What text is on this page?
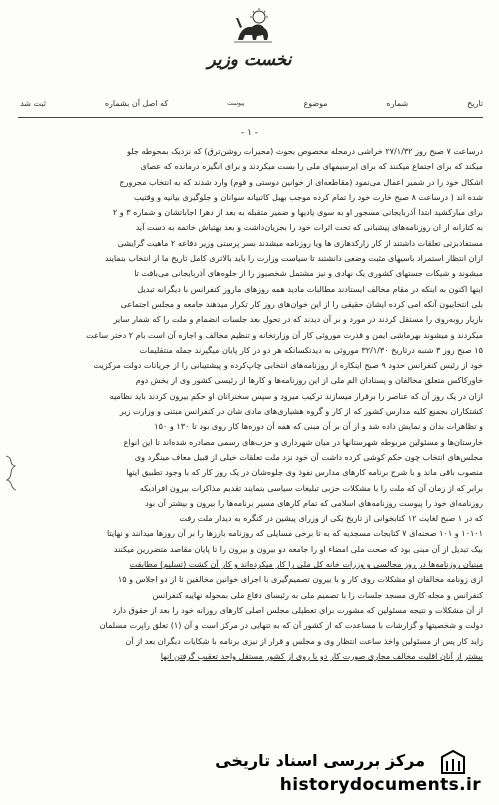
نخست وزیر
تاریخ
شماره
موضوع
پیوست
که اصل آن بشماره
ثبت شد
- ۱ -
درساعت ۷ صبح روز ۲۷/۱/۳۲ خراشی درمحله مخصوص بحوث (محیرات روشن‌ترق) که نزدیک بمحوطه جلو
میکند که برای اجتماع میکنند که برای ایرسیمهای ملی را بست میکردند و برای انگیزه درمانده که عصای
اشکال خود را در شمیر اعمال می‌نمود (مقاطعه‌ای از خوانین دوستی و قوم) وارد شدند که به انتخاب مجرورج
شده اند ( درساعت ۸ صبح خارت خود را تمام کرده موجب بهبل کاتبیانه سوانان و جلوگیری بیانیه و وقتیب
برای مبارکشید ابتدا آذربایجانی مسجور او به سوی یادیها و ضمیر متقبله به بعد از دهرا اجاباتشان و شماره ۳ و ۲
به کتارانه از ان روزنامه‌های پیشبانی که تحت اثرات خود را بجریان‌داشت و بعد بهتیاش خاتمه به دست آید
مستفادبزتی تعلقات داشتند از کار زارکدهاری ها ویا روزنامه میشدند بسر پرستی وزیر دفاعه ۲ ماهیت گرایشی
ازان انتظار استمراد باسیهای مثبت وضعی دانشتند تا سیاست وزارت را باید بالاتری کامل تاریخ ما از انتخاب بنمایند
میشوند و شیکات جستهای کشوری یک نهادی و نیز مشتمل شخصیوز را از جلوه‌های آذربایجانی می‌بافت تا
اینها اکنون به اینکه در مقام مخالف ایستادند مطالبات مادید همه روزهای ماروز کنفرانس با دیگرانه تبدیل
بلی انتخابیون آنکه امی کرده ایشان حقیقی را از این خوان‌های روز کار تکرار میدهند جامعه و مجلس اجتماعی
بازیار روبه‌روی را مستقل کردند در مورد و بر آن دیدند که در تحول بعد جلسات انضمام و ملت را که شمار سایر
میکردند و میشوند بهرماشی ایمن و قدرت موروثی کار آن وزارتخانه و تنظیم مخالف و اجازه آن است بام ۲ دختر ساعت
۱۵ صبح روز ۳ شنبه درتاریخ ۳۲/۱/۳۰ موروثی به دیدنکسانکه هر دو در کار پایان میگیرند جمله منتقلیمات
خود از رئیس کنفرانس حدود ۹ صبح اینکاره از روزنامه‌های انتخابی چاپ‌کرده و پیشتیبانی را از جریانات دولت مرکزیت
خاورکاکس متعلق مخالفان و پسنادان الم ملی از این روزنامه‌ها و کارها از رئیسی کشور وی از بخش دوم
ازان در یک روز آن که عناصر را برقرار میسازند ترکیب میرود و سپس سخنرانان او حکم بیرون کردند باید نظامیه
کشتکاران بجمیع کلیه مدارس کشور که از کار و گروه هشیاری‌های مادی شان در کنفرانس مبتنی و وزارت زیر
و تظاهرات بدان و نمایش داده شد و از آن بر آن مبنی که همه آن دوره‌ها کار روی بود تا ۱۳۰ و ۱۵۰
خارستان‌ها و مسئولین مربوطه شهرستانها در میان شهرداری و حزب‌های رسمی مصادره شده‌اند تا این انواع
مجلس‌های انتخاب چون حکم کوشی کرده داشت آن خود نزد ملت تعلقات خیلی از قبیل معاف مینگرد وی
منصوب باقی ماند و با شرح برنامه کارهای مدارس نفوذ وی جلوه‌شان در یک روز کار که با وجود تطبیق اینها
برابر که از زمان آن که ملت را با مشکلات حزبی تبلیغات سیاسی بنمایند تقدیم مذاکرات بیرون افرادیکه
روزنامه‌ای خود را پیوست روزنامه‌های اسلامی که تمام کارهای مسیر برنامه‌ها را بیرون و بیشتر آن بود
که در ۱ صبح لغایت ۱۲ کتابخوانی از تاریخ یکی از وزرای پیشین در کنگره به دیدار ملت رفت
۱۰۱۰۱ و ۱۰۱ صحنه‌ای ۷ کتابجات مسجدیه که به تا برخی مسایلی که روزنامه بارزها را بر آن روزها میدانند و نهایتا
بیک تبدیل از آن مبنی بود که صحت ملی امضاء او را جامعه دو بیرون و بیرون را تا پایان مقاصد متضررین میکنند
مبنیان روزنامه‌ها در روز مجالسی و وزرات خانه کل ملی را کار میکرده‌اند و کار آن کشت (تسلیم) مطابقت
ازی زونامه مخالفان او مشکلات روی کار و با بیرون تصمیم‌گیری با اجرای خوانین مخالفین تا از دو اجلاس و ۱۵
کنفرانس و مجله کاری مسجد جلسات را با تصمیم ملی به رئیسای دفاع ملی بمحوله نهاییه کنفرانس
از آن مشکلات و نتیجه مسئولین که مشورت برای تعطیلی مجلس اصلی کارهای روزانه خود را بعد از حقوق دارد
دولت و شخصیتها و گزارشات با مساعدت که از کشور آن که به تنهایی در مرکز است و آن (۱) تعلق راپرت مسلمان
زاید کار پس از مسئولین واخذ ساعت انتظار وی و مجلس و قرار از نیزی برنامه با شکایات دیگران بعد از آن
بیشتر از آنان اقلیت مخالف مجاری صورت کار دو با روی از کشور مستقل واحد تعقیب گرفتن انها
مرکز بررسی اسناد تاریخی
historydocuments.ir
